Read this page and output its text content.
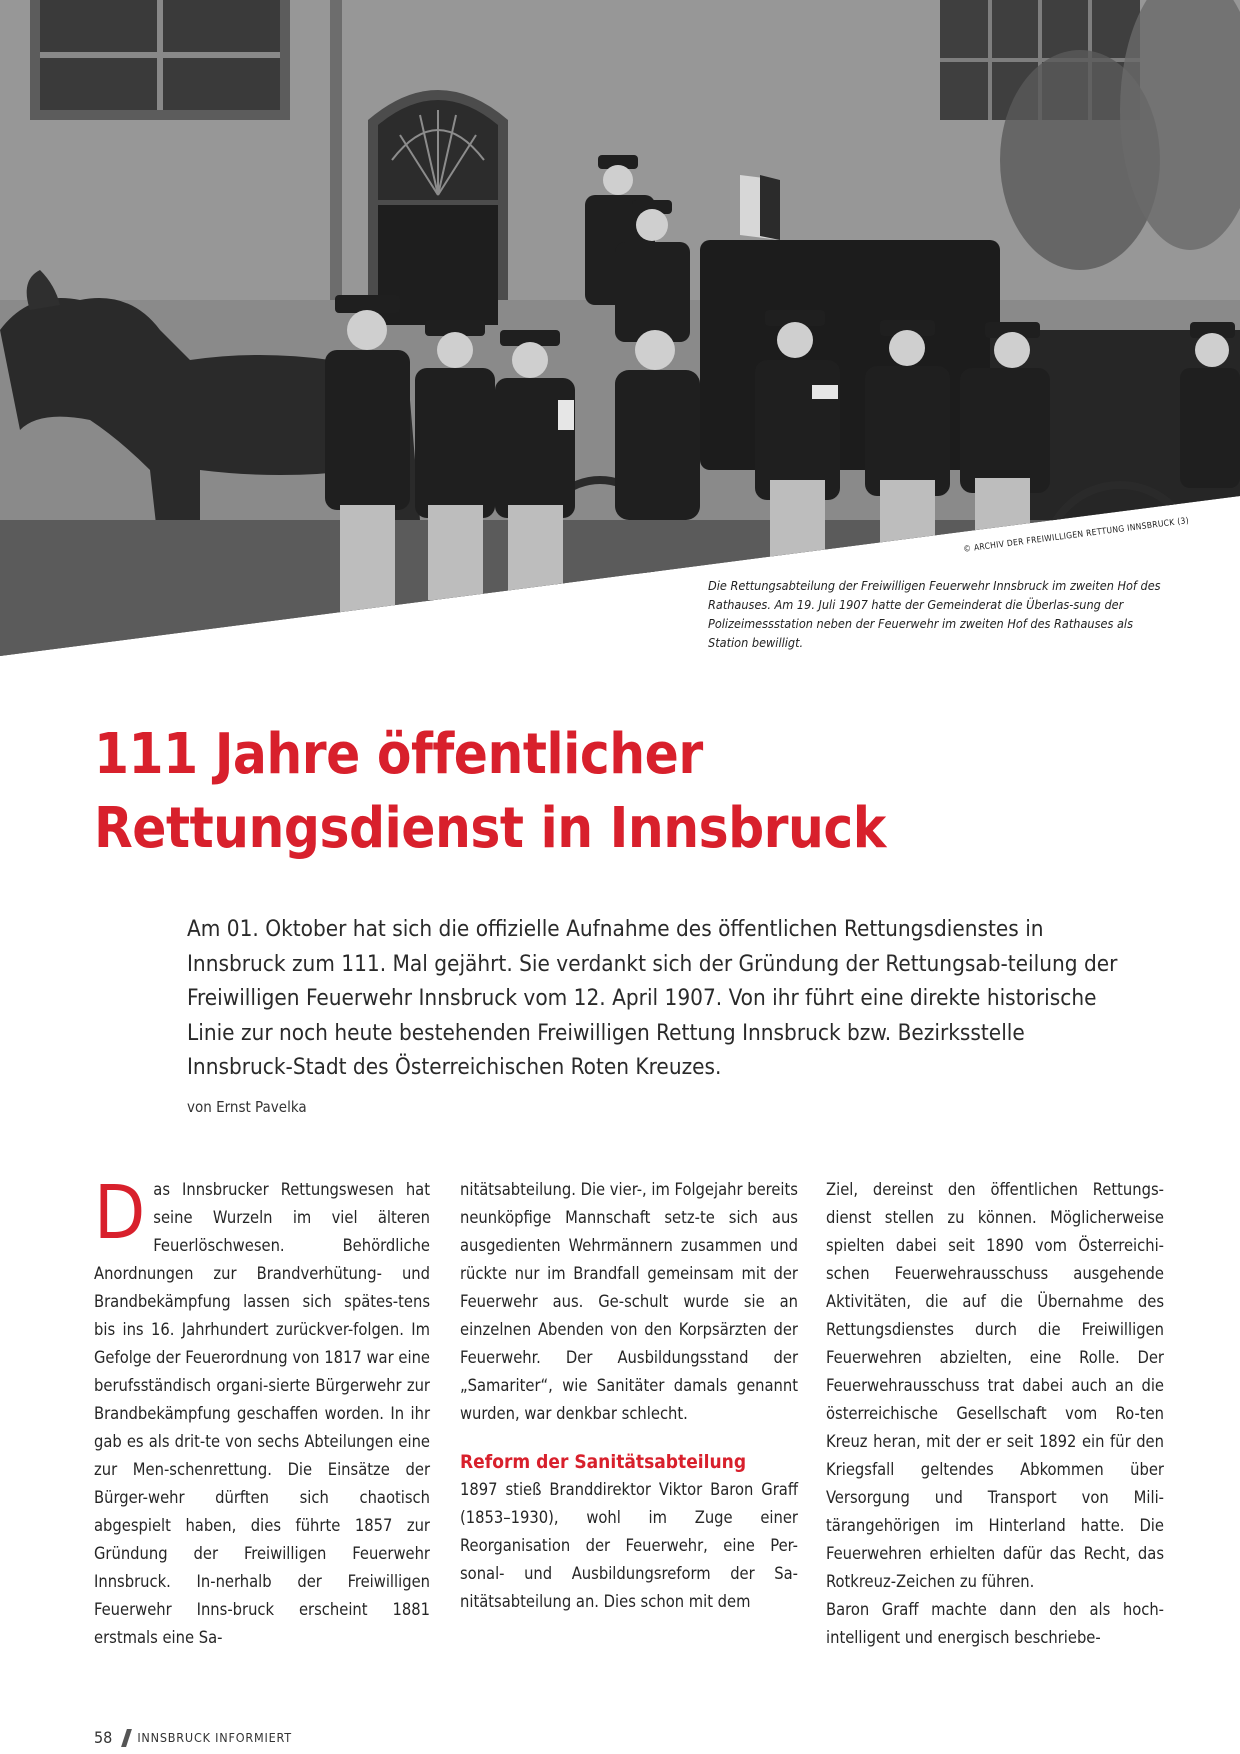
© ARCHIV DER FREIWILLIGEN RETTUNG INNSBRUCK (3)

Die Rettungsabteilung der Freiwilligen Feuerwehr Innsbruck im zweiten Hof des Rathauses. Am 19. Juli 1907 hatte der Gemeinderat die Überlas-sung der Polizeimessstation neben der Feuerwehr im zweiten Hof des Rathauses als Station bewilligt.

111 Jahre öffentlicher
Rettungsdienst in Innsbruck

Am 01. Oktober hat sich die offizielle Aufnahme des öffentlichen Rettungsdienstes in Innsbruck zum 111. Mal gejährt. Sie verdankt sich der Gründung der Rettungsab-teilung der Freiwilligen Feuerwehr Innsbruck vom 12. April 1907. Von ihr führt eine direkte historische Linie zur noch heute bestehenden Freiwilligen Rettung Innsbruck bzw. Bezirksstelle Innsbruck-Stadt des Österreichischen Roten Kreuzes.

von Ernst Pavelka

Das Innsbrucker Rettungswesen hat seine Wurzeln im viel älteren Feuerlöschwesen. Behördliche Anordnungen zur Brandverhütung- und Brandbekämpfung lassen sich spätes-tens bis ins 16. Jahrhundert zurückver-folgen. Im Gefolge der Feuerordnung von 1817 war eine berufsständisch organi-sierte Bürgerwehr zur Brandbekämpfung geschaffen worden. In ihr gab es als drit-te von sechs Abteilungen eine zur Men-schenrettung. Die Einsätze der Bürger-wehr dürften sich chaotisch abgespielt haben, dies führte 1857 zur Gründung der Freiwilligen Feuerwehr Innsbruck. In-nerhalb der Freiwilligen Feuerwehr Inns-bruck erscheint 1881 erstmals eine Sa-

nitätsabteilung. Die vier-, im Folgejahr bereits neunköpfige Mannschaft setz-te sich aus ausgedienten Wehrmännern zusammen und rückte nur im Brandfall gemeinsam mit der Feuerwehr aus. Ge-schult wurde sie an einzelnen Abenden von den Korpsärzten der Feuerwehr. Der Ausbildungsstand der „Samariter“, wie Sanitäter damals genannt wurden, war denkbar schlecht.

Reform der Sanitätsabteilung

1897 stieß Branddirektor Viktor Baron Graff (1853–1930), wohl im Zuge einer Reorganisation der Feuerwehr, eine Per-sonal- und Ausbildungsreform der Sa-nitätsabteilung an. Dies schon mit dem

Ziel, dereinst den öffentlichen Rettungs-dienst stellen zu können. Möglicherweise spielten dabei seit 1890 vom Österreichi-schen Feuerwehrausschuss ausgehende Aktivitäten, die auf die Übernahme des Rettungsdienstes durch die Freiwilligen Feuerwehren abzielten, eine Rolle. Der Feuerwehrausschuss trat dabei auch an die österreichische Gesellschaft vom Ro-ten Kreuz heran, mit der er seit 1892 ein für den Kriegsfall geltendes Abkommen über Versorgung und Transport von Mili-tärangehörigen im Hinterland hatte. Die Feuerwehren erhielten dafür das Recht, das Rotkreuz-Zeichen zu führen.

Baron Graff machte dann den als hoch-intelligent und energisch beschriebe-

58 INNSBRUCK INFORMIERT
